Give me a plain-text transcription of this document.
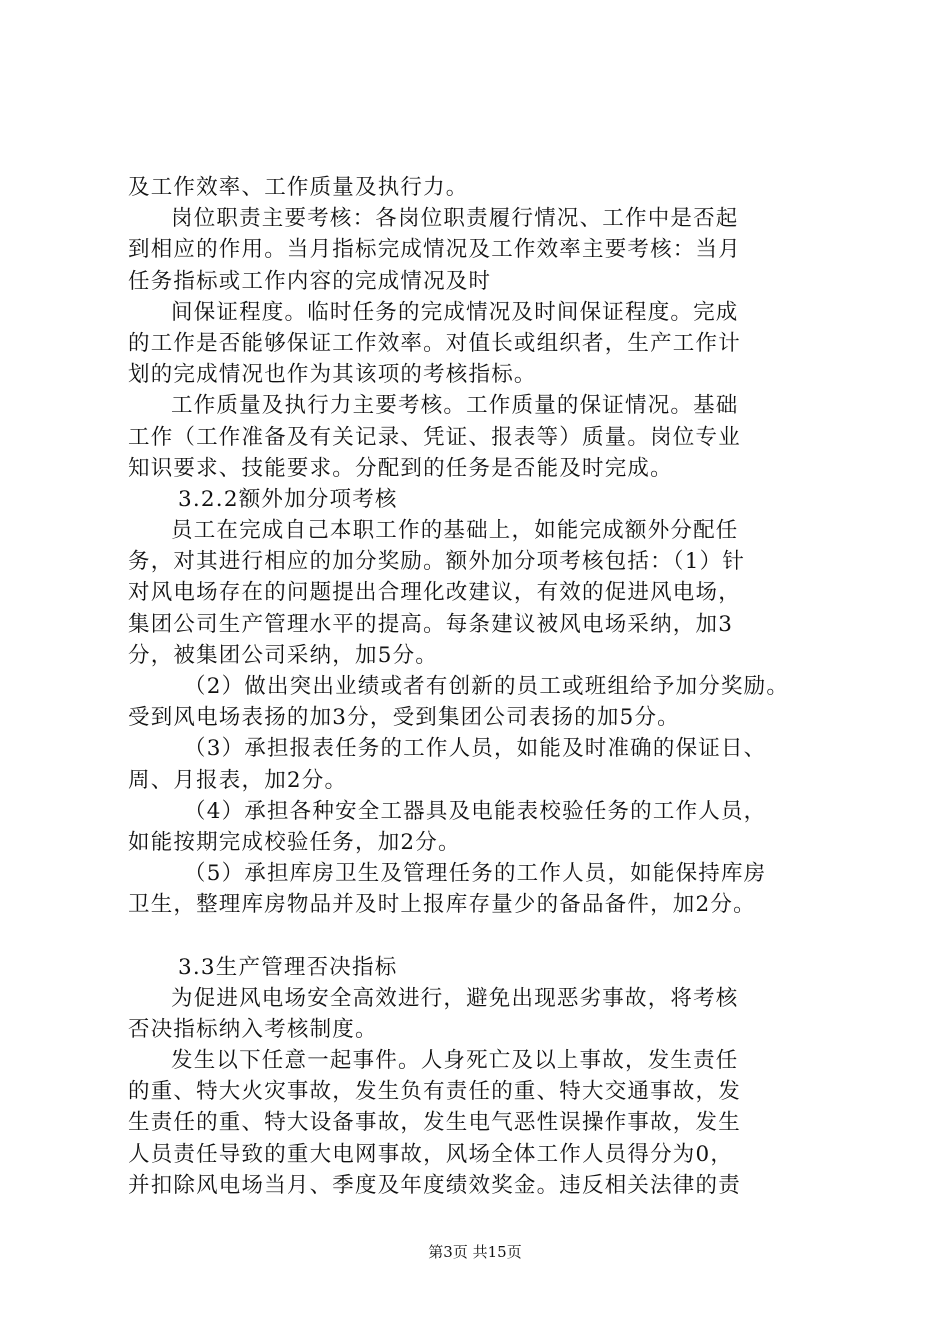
及工作效率、工作质量及执行力。
岗位职责主要考核：各岗位职责履行情况、工作中是否起
到相应的作用。当月指标完成情况及工作效率主要考核：当月
任务指标或工作内容的完成情况及时
间保证程度。临时任务的完成情况及时间保证程度。完成
的工作是否能够保证工作效率。对值长或组织者，生产工作计
划的完成情况也作为其该项的考核指标。
工作质量及执行力主要考核。工作质量的保证情况。基础
工作（工作准备及有关记录、凭证、报表等）质量。岗位专业
知识要求、技能要求。分配到的任务是否能及时完成。
3.2.2额外加分项考核
员工在完成自己本职工作的基础上，如能完成额外分配任
务，对其进行相应的加分奖励。额外加分项考核包括：（1）针
对风电场存在的问题提出合理化改建议，有效的促进风电场，
集团公司生产管理水平的提高。每条建议被风电场采纳，加3
分，被集团公司采纳，加5分。
（2）做出突出业绩或者有创新的员工或班组给予加分奖励。
受到风电场表扬的加3分，受到集团公司表扬的加5分。
（3）承担报表任务的工作人员，如能及时准确的保证日、
周、月报表，加2分。
（4）承担各种安全工器具及电能表校验任务的工作人员，
如能按期完成校验任务，加2分。
（5）承担库房卫生及管理任务的工作人员，如能保持库房
卫生，整理库房物品并及时上报库存量少的备品备件，加2分。
3.3生产管理否决指标
为促进风电场安全高效进行，避免出现恶劣事故，将考核
否决指标纳入考核制度。
发生以下任意一起事件。人身死亡及以上事故，发生责任
的重、特大火灾事故，发生负有责任的重、特大交通事故，发
生责任的重、特大设备事故，发生电气恶性误操作事故，发生
人员责任导致的重大电网事故，风场全体工作人员得分为0，
并扣除风电场当月、季度及年度绩效奖金。违反相关法律的责
第3页 共15页
